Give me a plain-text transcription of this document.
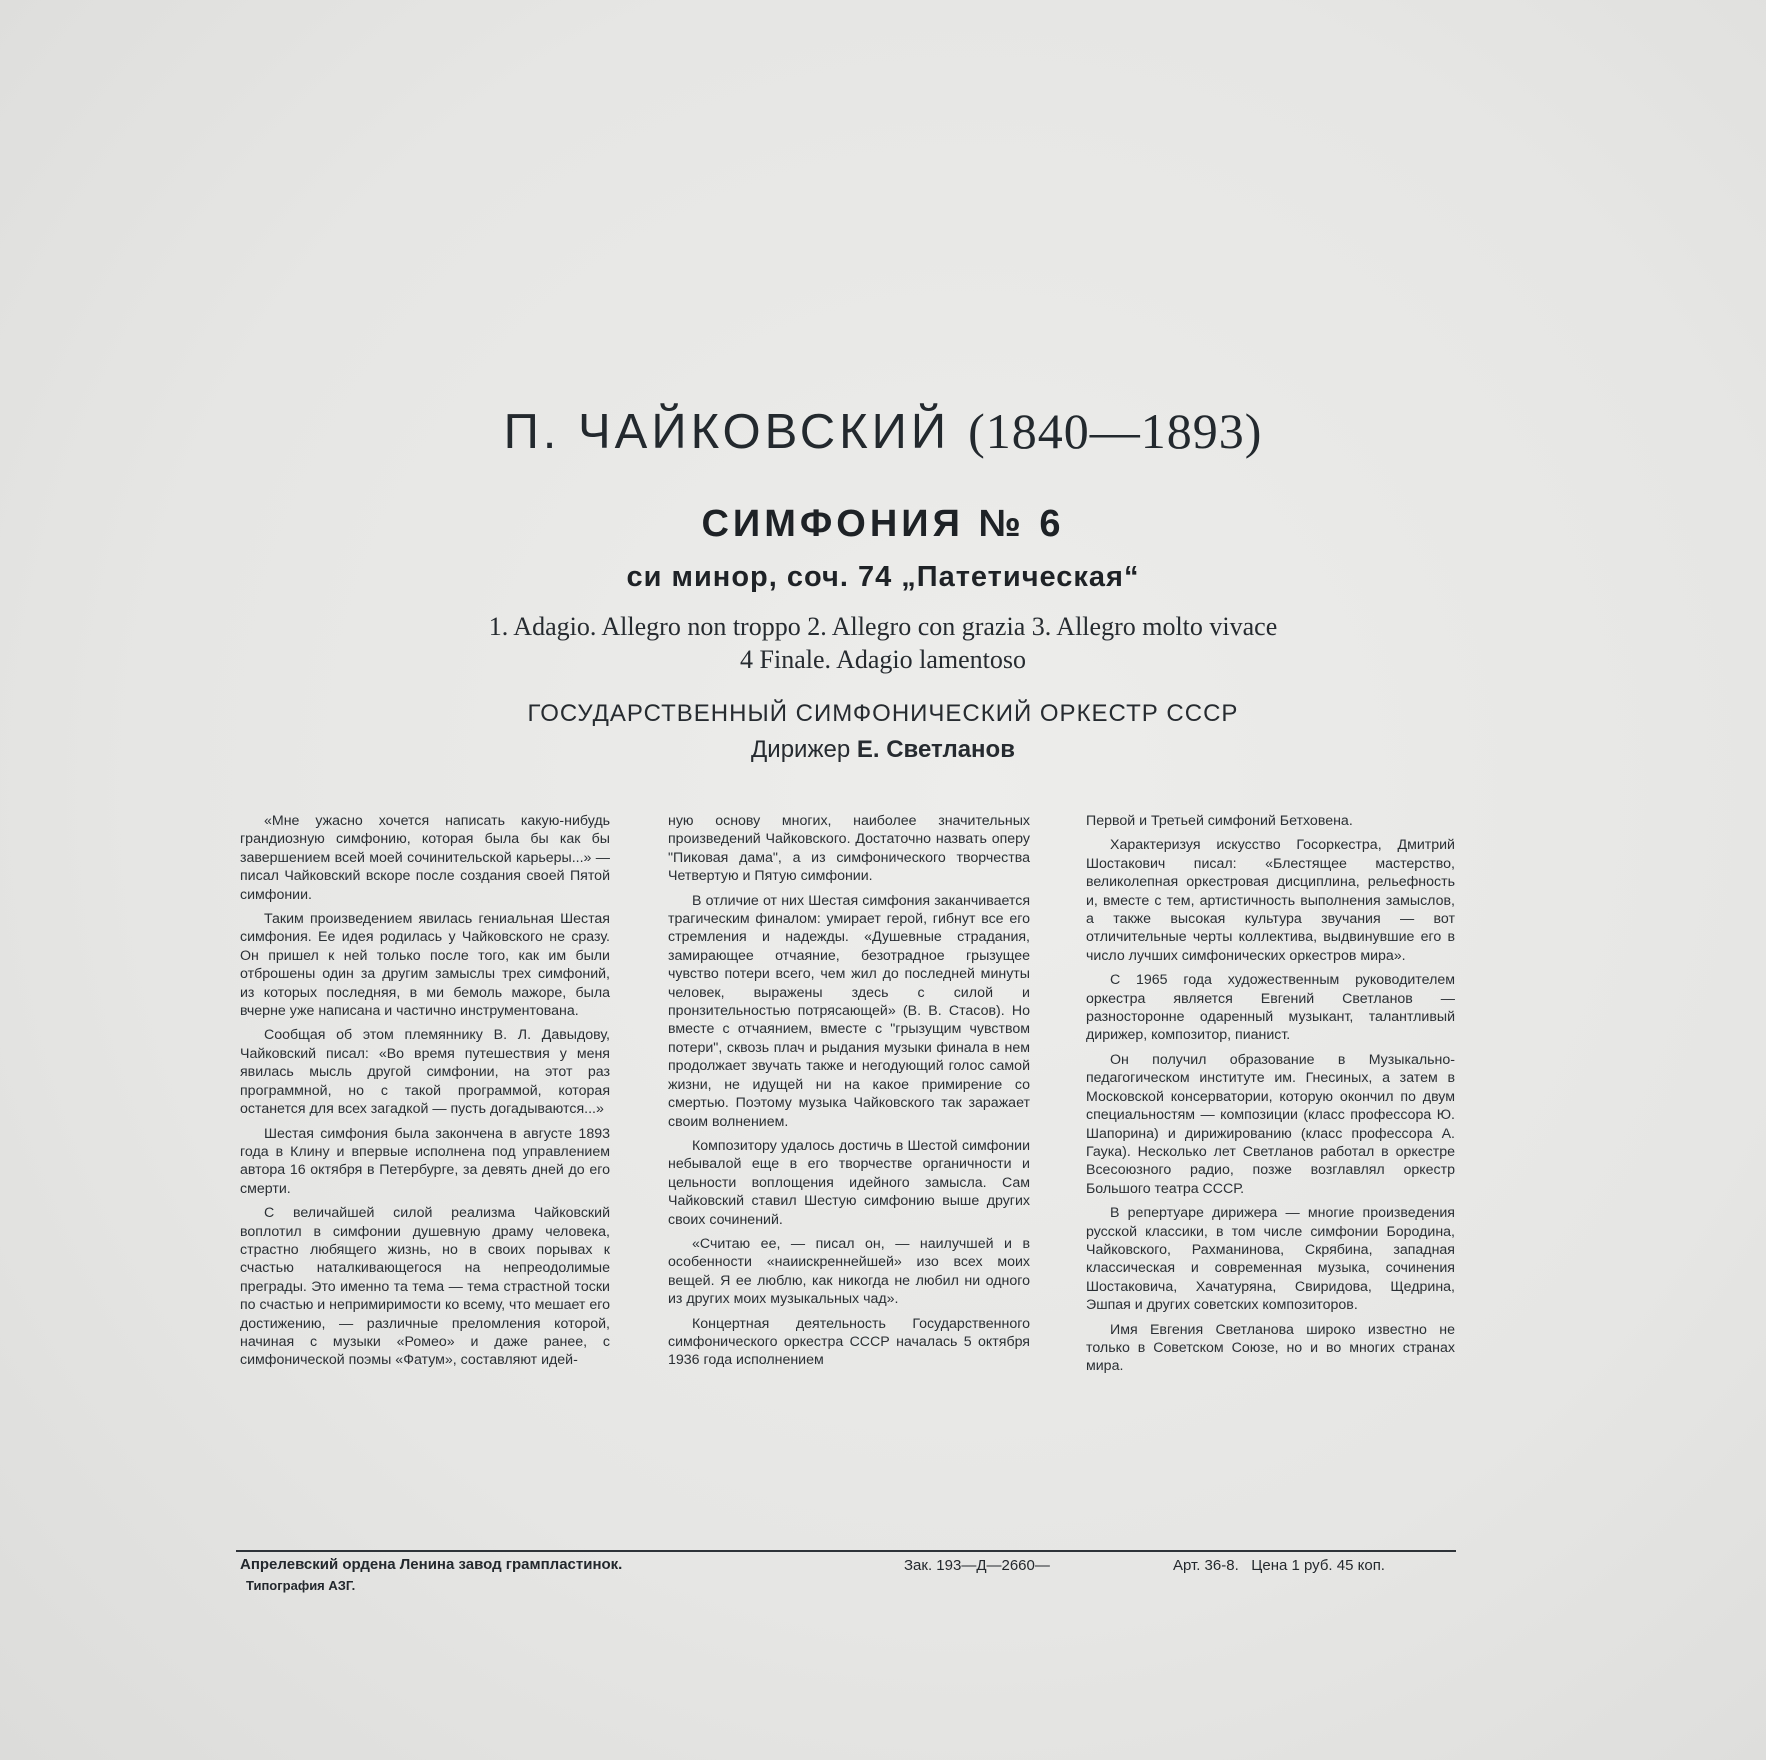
П. ЧАЙКОВСКИЙ (1840—1893)
СИМФОНИЯ № 6
си минор, соч. 74 „Патетическая“
1. Adagio. Allegro non troppo 2. Allegro con grazia 3. Allegro molto vivace
4 Finale. Adagio lamentoso
ГОСУДАРСТВЕННЫЙ СИМФОНИЧЕСКИЙ ОРКЕСТР СССР
Дирижер Е. Светланов

«Мне ужасно хочется написать какую-нибудь грандиозную симфонию, которая была бы как бы завершением всей моей сочинительской карьеры...» — писал Чайковский вскоре после создания своей Пятой симфонии.

Таким произведением явилась гениальная Шестая симфония. Ее идея родилась у Чайковского не сразу. Он пришел к ней только после того, как им были отброшены один за другим замыслы трех симфоний, из которых последняя, в ми бемоль мажоре, была вчерне уже написана и частично инструментована.

Сообщая об этом племяннику В. Л. Давыдову, Чайковский писал: «Во время путешествия у меня явилась мысль другой симфонии, на этот раз программной, но с такой программой, которая останется для всех загадкой — пусть догадываются...»

Шестая симфония была закончена в августе 1893 года в Клину и впервые исполнена под управлением автора 16 октября в Петербурге, за девять дней до его смерти.

С величайшей силой реализма Чайковский воплотил в симфонии душевную драму человека, страстно любящего жизнь, но в своих порывах к счастью наталкивающегося на непреодолимые преграды. Это именно та тема — тема страстной тоски по счастью и непримиримости ко всему, что мешает его достижению, — различные преломления которой, начиная с музыки «Ромео» и даже ранее, с симфонической поэмы «Фатум», составляют идей-

ную основу многих, наиболее значительных произведений Чайковского. Достаточно назвать оперу "Пиковая дама", а из симфонического творчества Четвертую и Пятую симфонии.

В отличие от них Шестая симфония заканчивается трагическим финалом: умирает герой, гибнут все его стремления и надежды. «Душевные страдания, замирающее отчаяние, безотрадное грызущее чувство потери всего, чем жил до последней минуты человек, выражены здесь с силой и пронзительностью потрясающей» (В. В. Стасов). Но вместе с отчаянием, вместе с "грызущим чувством потери", сквозь плач и рыдания музыки финала в нем продолжает звучать также и негодующий голос самой жизни, не идущей ни на какое примирение со смертью. Поэтому музыка Чайковского так заражает своим волнением.

Композитору удалось достичь в Шестой симфонии небывалой еще в его творчестве органичности и цельности воплощения идейного замысла. Сам Чайковский ставил Шестую симфонию выше других своих сочинений.

«Считаю ее, — писал он, — наилучшей и в особенности «наиискреннейшей» изо всех моих вещей. Я ее люблю, как никогда не любил ни одного из других моих музыкальных чад».

Концертная деятельность Государственного симфонического оркестра СССР началась 5 октября 1936 года исполнением

Первой и Третьей симфоний Бетховена.

Характеризуя искусство Госоркестра, Дмитрий Шостакович писал: «Блестящее мастерство, великолепная оркестровая дисциплина, рельефность и, вместе с тем, артистичность выполнения замыслов, а также высокая культура звучания — вот отличительные черты коллектива, выдвинувшие его в число лучших симфонических оркестров мира».

С 1965 года художественным руководителем оркестра является Евгений Светланов — разносторонне одаренный музыкант, талантливый дирижер, композитор, пианист.

Он получил образование в Музыкально-педагогическом институте им. Гнесиных, а затем в Московской консерватории, которую окончил по двум специальностям — композиции (класс профессора Ю. Шапорина) и дирижированию (класс профессора А. Гаука). Несколько лет Светланов работал в оркестре Всесоюзного радио, позже возглавлял оркестр Большого театра СССР.

В репертуаре дирижера — многие произведения русской классики, в том числе симфонии Бородина, Чайковского, Рахманинова, Скрябина, западная классическая и современная музыка, сочинения Шостаковича, Хачатуряна, Свиридова, Щедрина, Эшпая и других советских композиторов.

Имя Евгения Светланова широко известно не только в Советском Союзе, но и во многих странах мира.

Апрелевский ордена Ленина завод грампластинок.	Зак. 193—Д—2660—	Арт. 36-8.   Цена 1 руб. 45 коп.
Типография АЗГ.
